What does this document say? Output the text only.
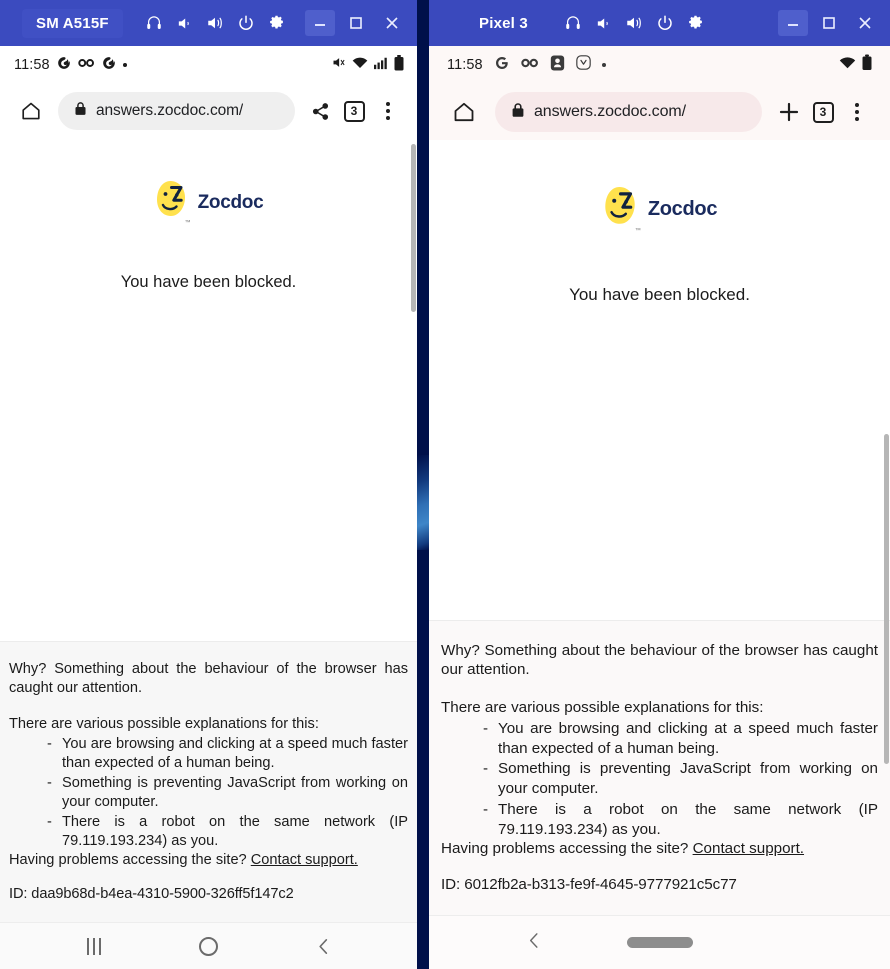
SM A515F
11:58
answers.zocdoc.com/	3
™
Zocdoc
You have been blocked.

Why? Something about the behaviour of the browser has caught our attention.

There are various possible explanations for this:

- You are browsing and clicking at a speed much faster than expected of a human being.
- Something is preventing JavaScript from working on your computer.
- There is a robot on the same network (IP 79.119.193.234) as you.

Having problems accessing the site? Contact support.

ID: daa9b68d-b4ea-4310-5900-326ff5f147c2

Pixel 3
11:58
answers.zocdoc.com/	3
™
Zocdoc
You have been blocked.

Why? Something about the behaviour of the browser has caught our attention.

There are various possible explanations for this:

- You are browsing and clicking at a speed much faster than expected of a human being.
- Something is preventing JavaScript from working on your computer.
- There is a robot on the same network (IP 79.119.193.234) as you.

Having problems accessing the site? Contact support.

ID: 6012fb2a-b313-fe9f-4645-9777921c5c77
